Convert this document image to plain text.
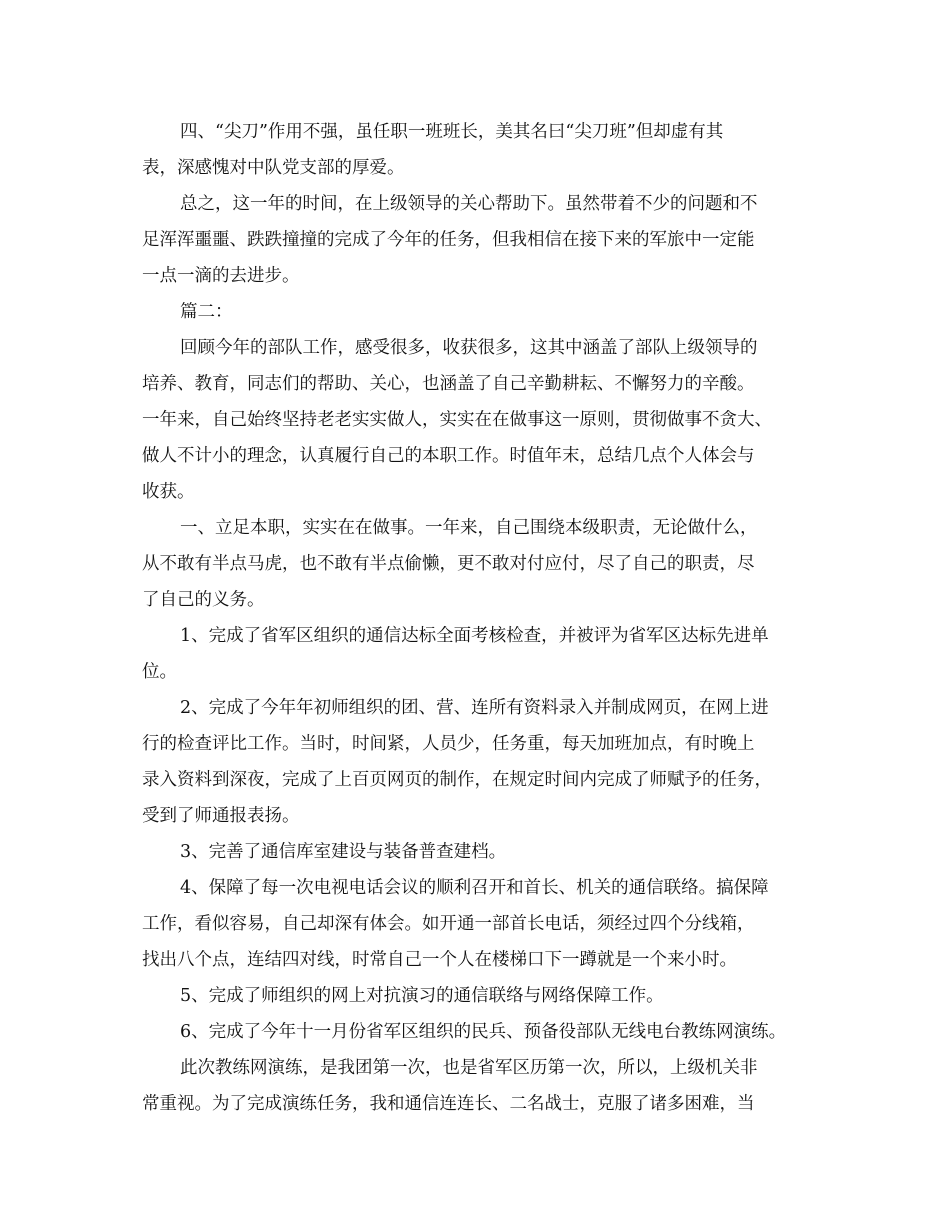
四、“尖刀”作用不强，虽任职一班班长，美其名曰“尖刀班”但却虚有其
表，深感愧对中队党支部的厚爱。
总之，这一年的时间，在上级领导的关心帮助下。虽然带着不少的问题和不
足浑浑噩噩、跌跌撞撞的完成了今年的任务，但我相信在接下来的军旅中一定能
一点一滴的去进步。
篇二：
回顾今年的部队工作，感受很多，收获很多，这其中涵盖了部队上级领导的
培养、教育，同志们的帮助、关心，也涵盖了自己辛勤耕耘、不懈努力的辛酸。
一年来，自己始终坚持老老实实做人，实实在在做事这一原则，贯彻做事不贪大、
做人不计小的理念，认真履行自己的本职工作。时值年末，总结几点个人体会与
收获。
一、立足本职，实实在在做事。一年来，自己围绕本级职责，无论做什么，
从不敢有半点马虎，也不敢有半点偷懒，更不敢对付应付，尽了自己的职责，尽
了自己的义务。
1、完成了省军区组织的通信达标全面考核检查，并被评为省军区达标先进单
位。
2、完成了今年年初师组织的团、营、连所有资料录入并制成网页，在网上进
行的检查评比工作。当时，时间紧，人员少，任务重，每天加班加点，有时晚上
录入资料到深夜，完成了上百页网页的制作，在规定时间内完成了师赋予的任务，
受到了师通报表扬。
3、完善了通信库室建设与装备普查建档。
4、保障了每一次电视电话会议的顺利召开和首长、机关的通信联络。搞保障
工作，看似容易，自己却深有体会。如开通一部首长电话，须经过四个分线箱，
找出八个点，连结四对线，时常自己一个人在楼梯口下一蹲就是一个来小时。
5、完成了师组织的网上对抗演习的通信联络与网络保障工作。
6、完成了今年十一月份省军区组织的民兵、预备役部队无线电台教练网演练。
此次教练网演练，是我团第一次，也是省军区历第一次，所以，上级机关非
常重视。为了完成演练任务，我和通信连连长、二名战士，克服了诸多困难，当
